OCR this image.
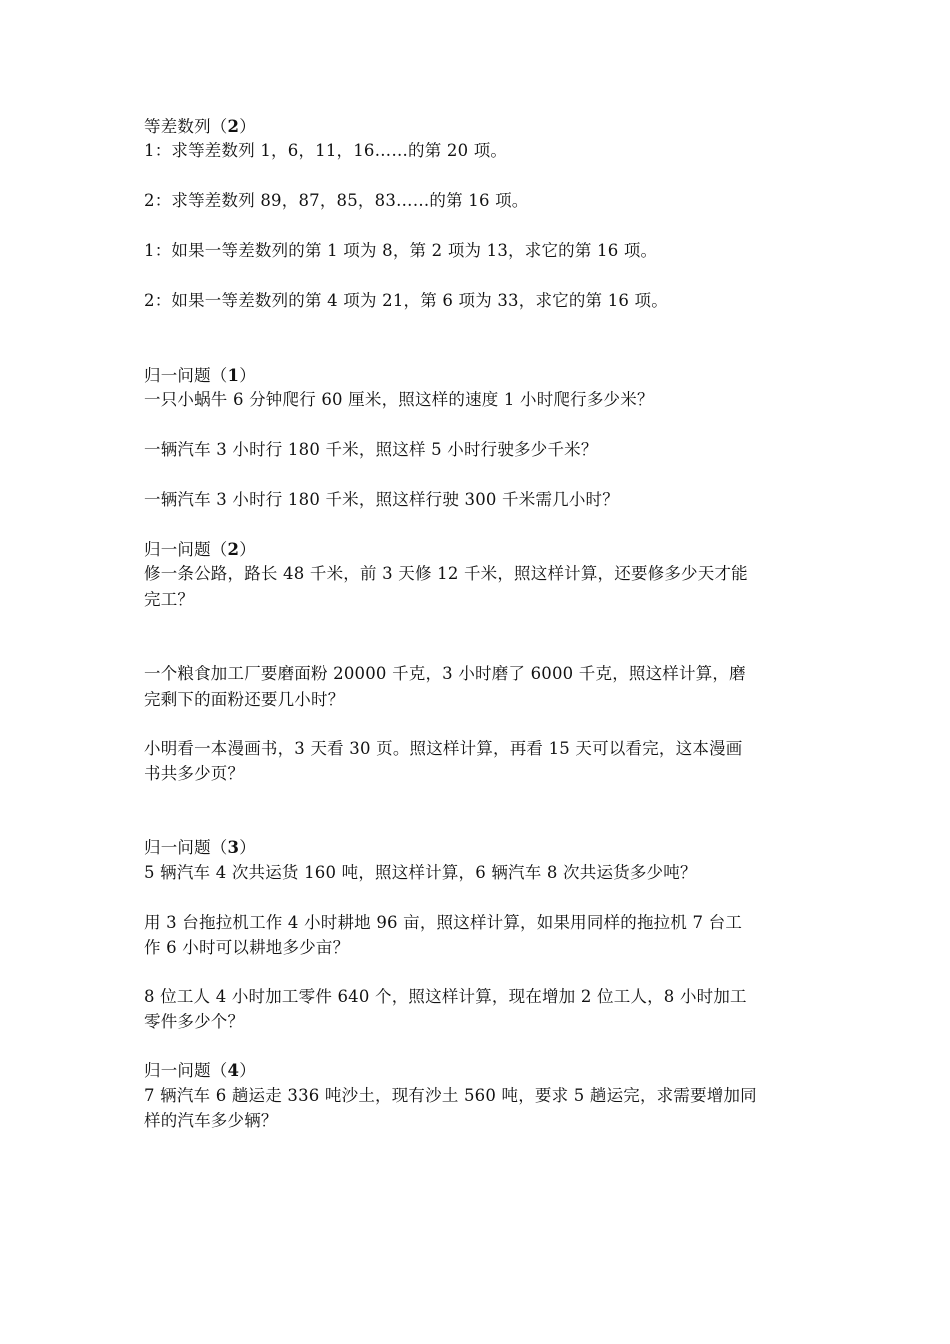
等差数列（2）
1：求等差数列 1，6，11，16……的第 20 项。
2：求等差数列 89，87，85，83……的第 16 项。
1：如果一等差数列的第 1 项为 8，第 2 项为 13，求它的第 16 项。
2：如果一等差数列的第 4 项为 21，第 6 项为 33，求它的第 16 项。
归一问题（1）
一只小蜗牛 6 分钟爬行 60 厘米，照这样的速度 1 小时爬行多少米？
一辆汽车 3 小时行 180 千米，照这样 5 小时行驶多少千米？
一辆汽车 3 小时行 180 千米，照这样行驶 300 千米需几小时？
归一问题（2）
修一条公路，路长 48 千米，前 3 天修 12 千米，照这样计算，还要修多少天才能
完工？
一个粮食加工厂要磨面粉 20000 千克，3 小时磨了 6000 千克，照这样计算，磨
完剩下的面粉还要几小时？
小明看一本漫画书，3 天看 30 页。照这样计算，再看 15 天可以看完，这本漫画
书共多少页？
归一问题（3）
5 辆汽车 4 次共运货 160 吨，照这样计算，6 辆汽车 8 次共运货多少吨？
用 3 台拖拉机工作 4 小时耕地 96 亩，照这样计算，如果用同样的拖拉机 7 台工
作 6 小时可以耕地多少亩？
8 位工人 4 小时加工零件 640 个，照这样计算，现在增加 2 位工人，8 小时加工
零件多少个？
归一问题（4）
7 辆汽车 6 趟运走 336 吨沙土，现有沙土 560 吨，要求 5 趟运完，求需要增加同
样的汽车多少辆？
